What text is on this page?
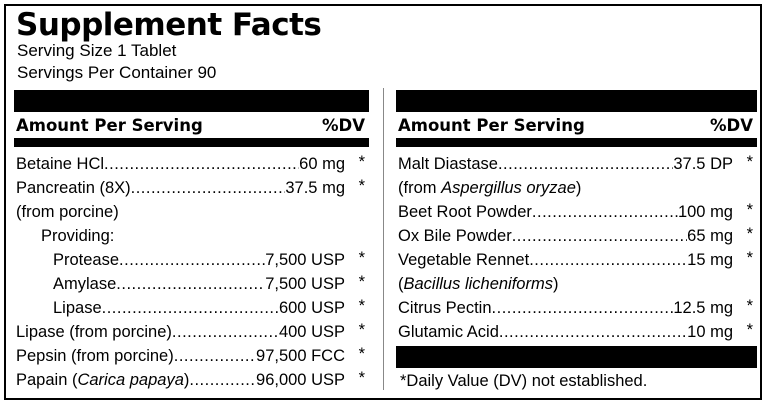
Supplement Facts
Serving Size 1 Tablet
Servings Per Container 90
Amount Per Serving	%DV
Betaine HCl .....	60 mg *
Pancreatin (8X) .....	37.5 mg *
(from porcine)
Providing:
Protease .....	7,500 USP *
Amylase .....	7,500 USP *
Lipase .....	600 USP *
Lipase (from porcine) .....	400 USP *
Pepsin (from porcine) .....	97,500 FCC *
Papain (Carica papaya) .....	96,000 USP *
Amount Per Serving	%DV
Malt Diastase .....	37.5 DP *
(from Aspergillus oryzae)
Beet Root Powder .....	100 mg *
Ox Bile Powder .....	65 mg *
Vegetable Rennet .....	15 mg *
(Bacillus licheniforms)
Citrus Pectin .....	12.5 mg *
Glutamic Acid .....	10 mg *
*Daily Value (DV) not established.
